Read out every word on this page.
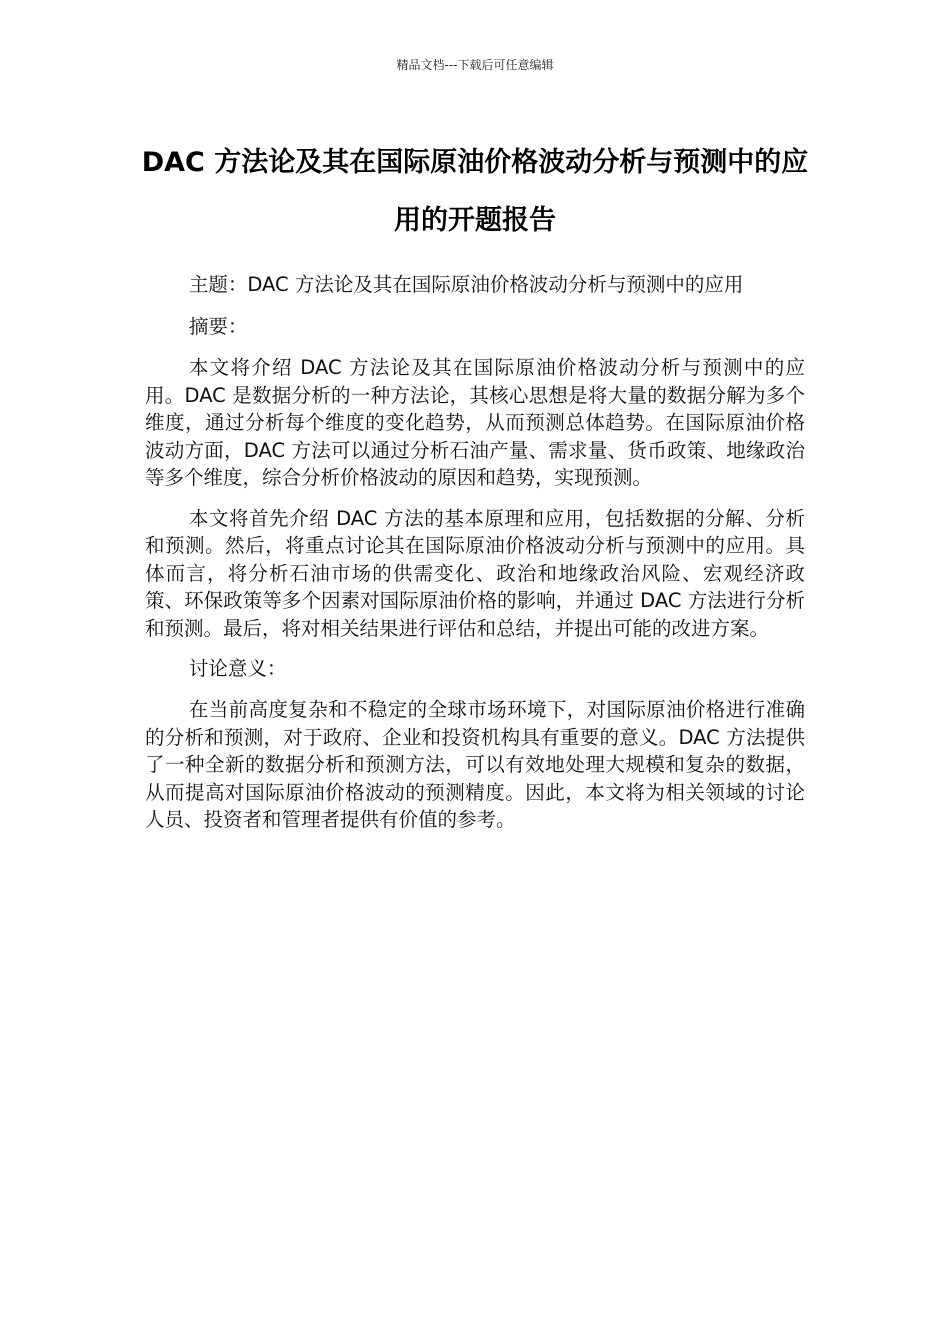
精品文档---下载后可任意编辑
DAC 方法论及其在国际原油价格波动分析与预测中的应用的开题报告

主题：DAC 方法论及其在国际原油价格波动分析与预测中的应用

摘要：

本文将介绍 DAC 方法论及其在国际原油价格波动分析与预测中的应用。DAC 是数据分析的一种方法论，其核心思想是将大量的数据分解为多个维度，通过分析每个维度的变化趋势，从而预测总体趋势。在国际原油价格波动方面，DAC 方法可以通过分析石油产量、需求量、货币政策、地缘政治等多个维度，综合分析价格波动的原因和趋势，实现预测。

本文将首先介绍 DAC 方法的基本原理和应用，包括数据的分解、分析和预测。然后，将重点讨论其在国际原油价格波动分析与预测中的应用。具体而言，将分析石油市场的供需变化、政治和地缘政治风险、宏观经济政策、环保政策等多个因素对国际原油价格的影响，并通过 DAC 方法进行分析和预测。最后，将对相关结果进行评估和总结，并提出可能的改进方案。

讨论意义：

在当前高度复杂和不稳定的全球市场环境下，对国际原油价格进行准确的分析和预测，对于政府、企业和投资机构具有重要的意义。DAC 方法提供了一种全新的数据分析和预测方法，可以有效地处理大规模和复杂的数据，从而提高对国际原油价格波动的预测精度。因此，本文将为相关领域的讨论人员、投资者和管理者提供有价值的参考。
